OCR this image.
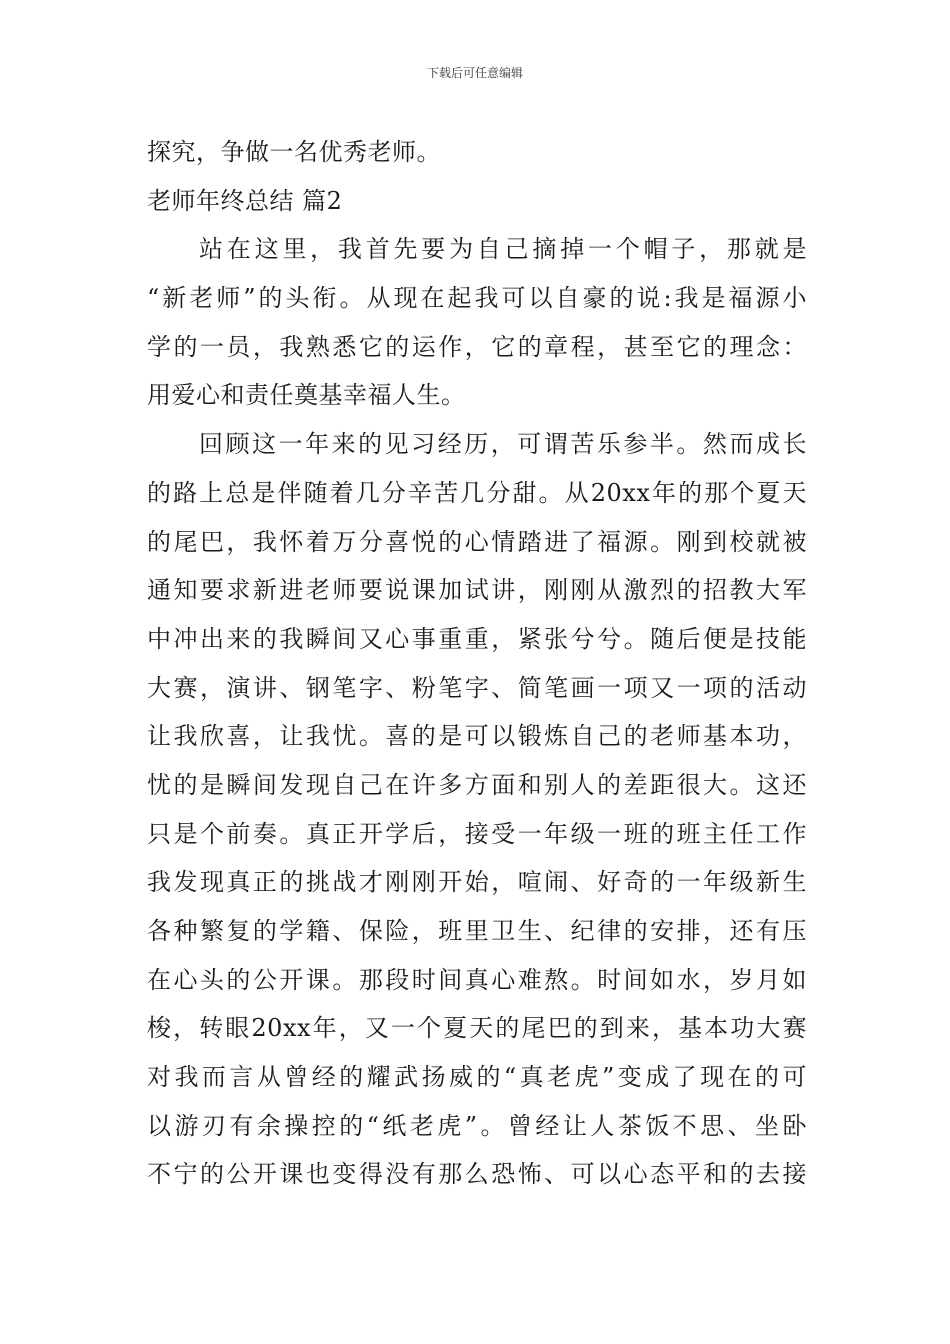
下载后可任意编辑
探究，争做一名优秀老师。
老师年终总结 篇2
站在这里，我首先要为自己摘掉一个帽子，那就是
“新老师”的头衔。从现在起我可以自豪的说:我是福源小
学的一员，我熟悉它的运作，它的章程，甚至它的理念：
用爱心和责任奠基幸福人生。
回顾这一年来的见习经历，可谓苦乐参半。然而成长
的路上总是伴随着几分辛苦几分甜。从20xx年的那个夏天
的尾巴，我怀着万分喜悦的心情踏进了福源。刚到校就被
通知要求新进老师要说课加试讲，刚刚从激烈的招教大军
中冲出来的我瞬间又心事重重，紧张兮兮。随后便是技能
大赛，演讲、钢笔字、粉笔字、简笔画一项又一项的活动
让我欣喜，让我忧。喜的是可以锻炼自己的老师基本功，
忧的是瞬间发现自己在许多方面和别人的差距很大。这还
只是个前奏。真正开学后，接受一年级一班的班主任工作
我发现真正的挑战才刚刚开始，喧闹、好奇的一年级新生
各种繁复的学籍、保险，班里卫生、纪律的安排，还有压
在心头的公开课。那段时间真心难熬。时间如水，岁月如
梭，转眼20xx年，又一个夏天的尾巴的到来，基本功大赛
对我而言从曾经的耀武扬威的“真老虎”变成了现在的可
以游刃有余操控的“纸老虎”。曾经让人茶饭不思、坐卧
不宁的公开课也变得没有那么恐怖、可以心态平和的去接
